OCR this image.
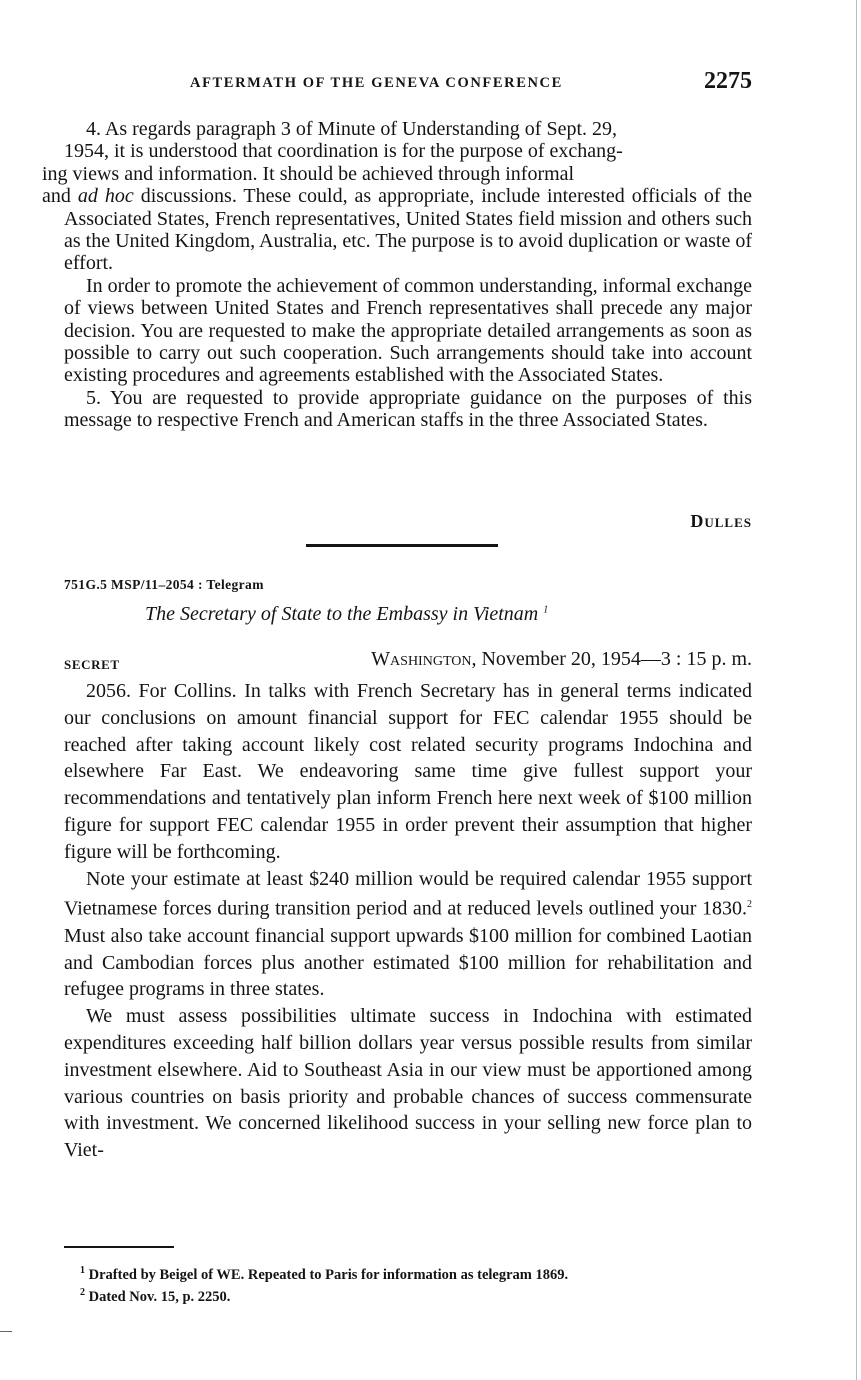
AFTERMATH OF THE GENEVA CONFERENCE	2275

4. As regards paragraph 3 of Minute of Understanding of Sept. 29,
1954, it is understood that coordination is for the purpose of exchang-
ing views and information. It should be achieved through informal
and ad hoc discussions. These could, as appropriate, include interested officials of the Associated States, French representatives, United States field mission and others such as the United Kingdom, Australia, etc. The purpose is to avoid duplication or waste of effort.

In order to promote the achievement of common understanding, informal exchange of views between United States and French representatives shall precede any major decision. You are requested to make the appropriate detailed arrangements as soon as possible to carry out such cooperation. Such arrangements should take into account existing procedures and agreements established with the Associated States.

5. You are requested to provide appropriate guidance on the purposes of this message to respective French and American staffs in the three Associated States.

Dulles
751G.5 MSP/11–2054 : Telegram
The Secretary of State to the Embassy in Vietnam $^1$
SECRET	Washington, November 20, 1954—3 : 15 p. m.

2056. For Collins. In talks with French Secretary has in general terms indicated our conclusions on amount financial support for FEC calendar 1955 should be reached after taking account likely cost related security programs Indochina and elsewhere Far East. We endeavoring same time give fullest support your recommendations and tentatively plan inform French here next week of $100 million figure for support FEC calendar 1955 in order prevent their assumption that higher figure will be forthcoming.

Note your estimate at least $240 million would be required calendar 1955 support Vietnamese forces during transition period and at reduced levels outlined your 1830.$^2$ Must also take account financial support upwards $100 million for combined Laotian and Cambodian forces plus another estimated $100 million for rehabilitation and refugee programs in three states.

We must assess possibilities ultimate success in Indochina with estimated expenditures exceeding half billion dollars year versus possible results from similar investment elsewhere. Aid to Southeast Asia in our view must be apportioned among various countries on basis priority and probable chances of success commensurate with investment. We concerned likelihood success in your selling new force plan to Viet-

$^1$ Drafted by Beigel of WE. Repeated to Paris for information as telegram 1869.
$^2$ Dated Nov. 15, p. 2250.
